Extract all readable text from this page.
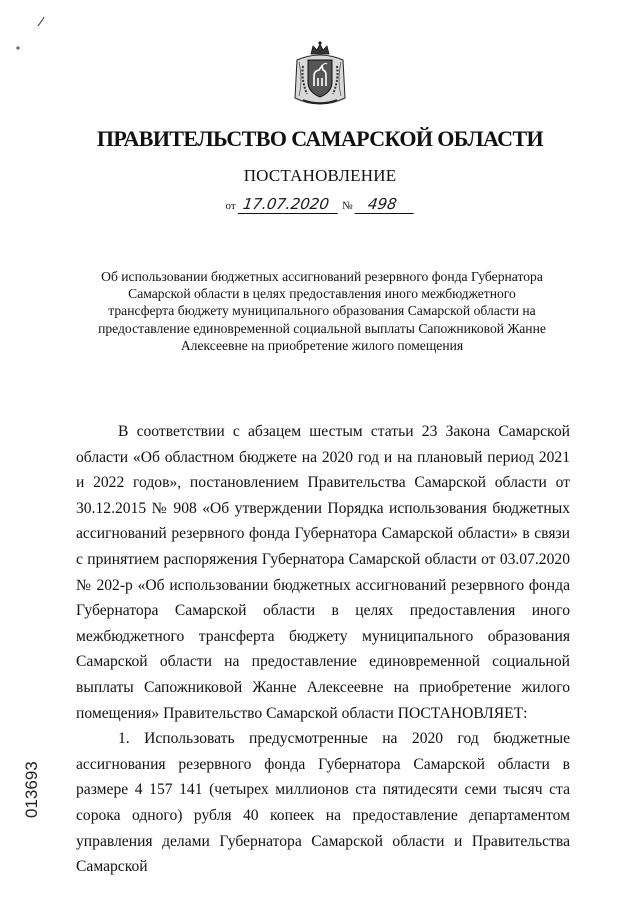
ПРАВИТЕЛЬСТВО САМАРСКОЙ ОБЛАСТИ
ПОСТАНОВЛЕНИЕ
от 17.07.2020 № 498
Об использовании бюджетных ассигнований резервного фонда Губернатора Самарской области в целях предоставления иного межбюджетного трансферта бюджету муниципального образования Самарской области на предоставление единовременной социальной выплаты Сапожниковой Жанне Алексеевне на приобретение жилого помещения

В соответствии с абзацем шестым статьи 23 Закона Самарской области «Об областном бюджете на 2020 год и на плановый период 2021 и 2022 годов», постановлением Правительства Самарской области от 30.12.2015 № 908 «Об утверждении Порядка использования бюджетных ассигнований резервного фонда Губернатора Самарской области» в связи с принятием распоряжения Губернатора Самарской области от 03.07.2020 № 202-р «Об использовании бюджетных ассигнований резервного фонда Губернатора Самарской области в целях предоставления иного межбюджетного трансферта бюджету муниципального образования Самарской области на предоставление единовременной социальной выплаты Сапожниковой Жанне Алексеевне на приобретение жилого помещения» Правительство Самарской области ПОСТАНОВЛЯЕТ:

1. Использовать предусмотренные на 2020 год бюджетные ассигнования резервного фонда Губернатора Самарской области в размере 4 157 141 (четырех миллионов ста пятидесяти семи тысяч ста сорока одного) рубля 40 копеек на предоставление департаментом управления делами Губернатора Самарской области и Правительства Самарской

013693
